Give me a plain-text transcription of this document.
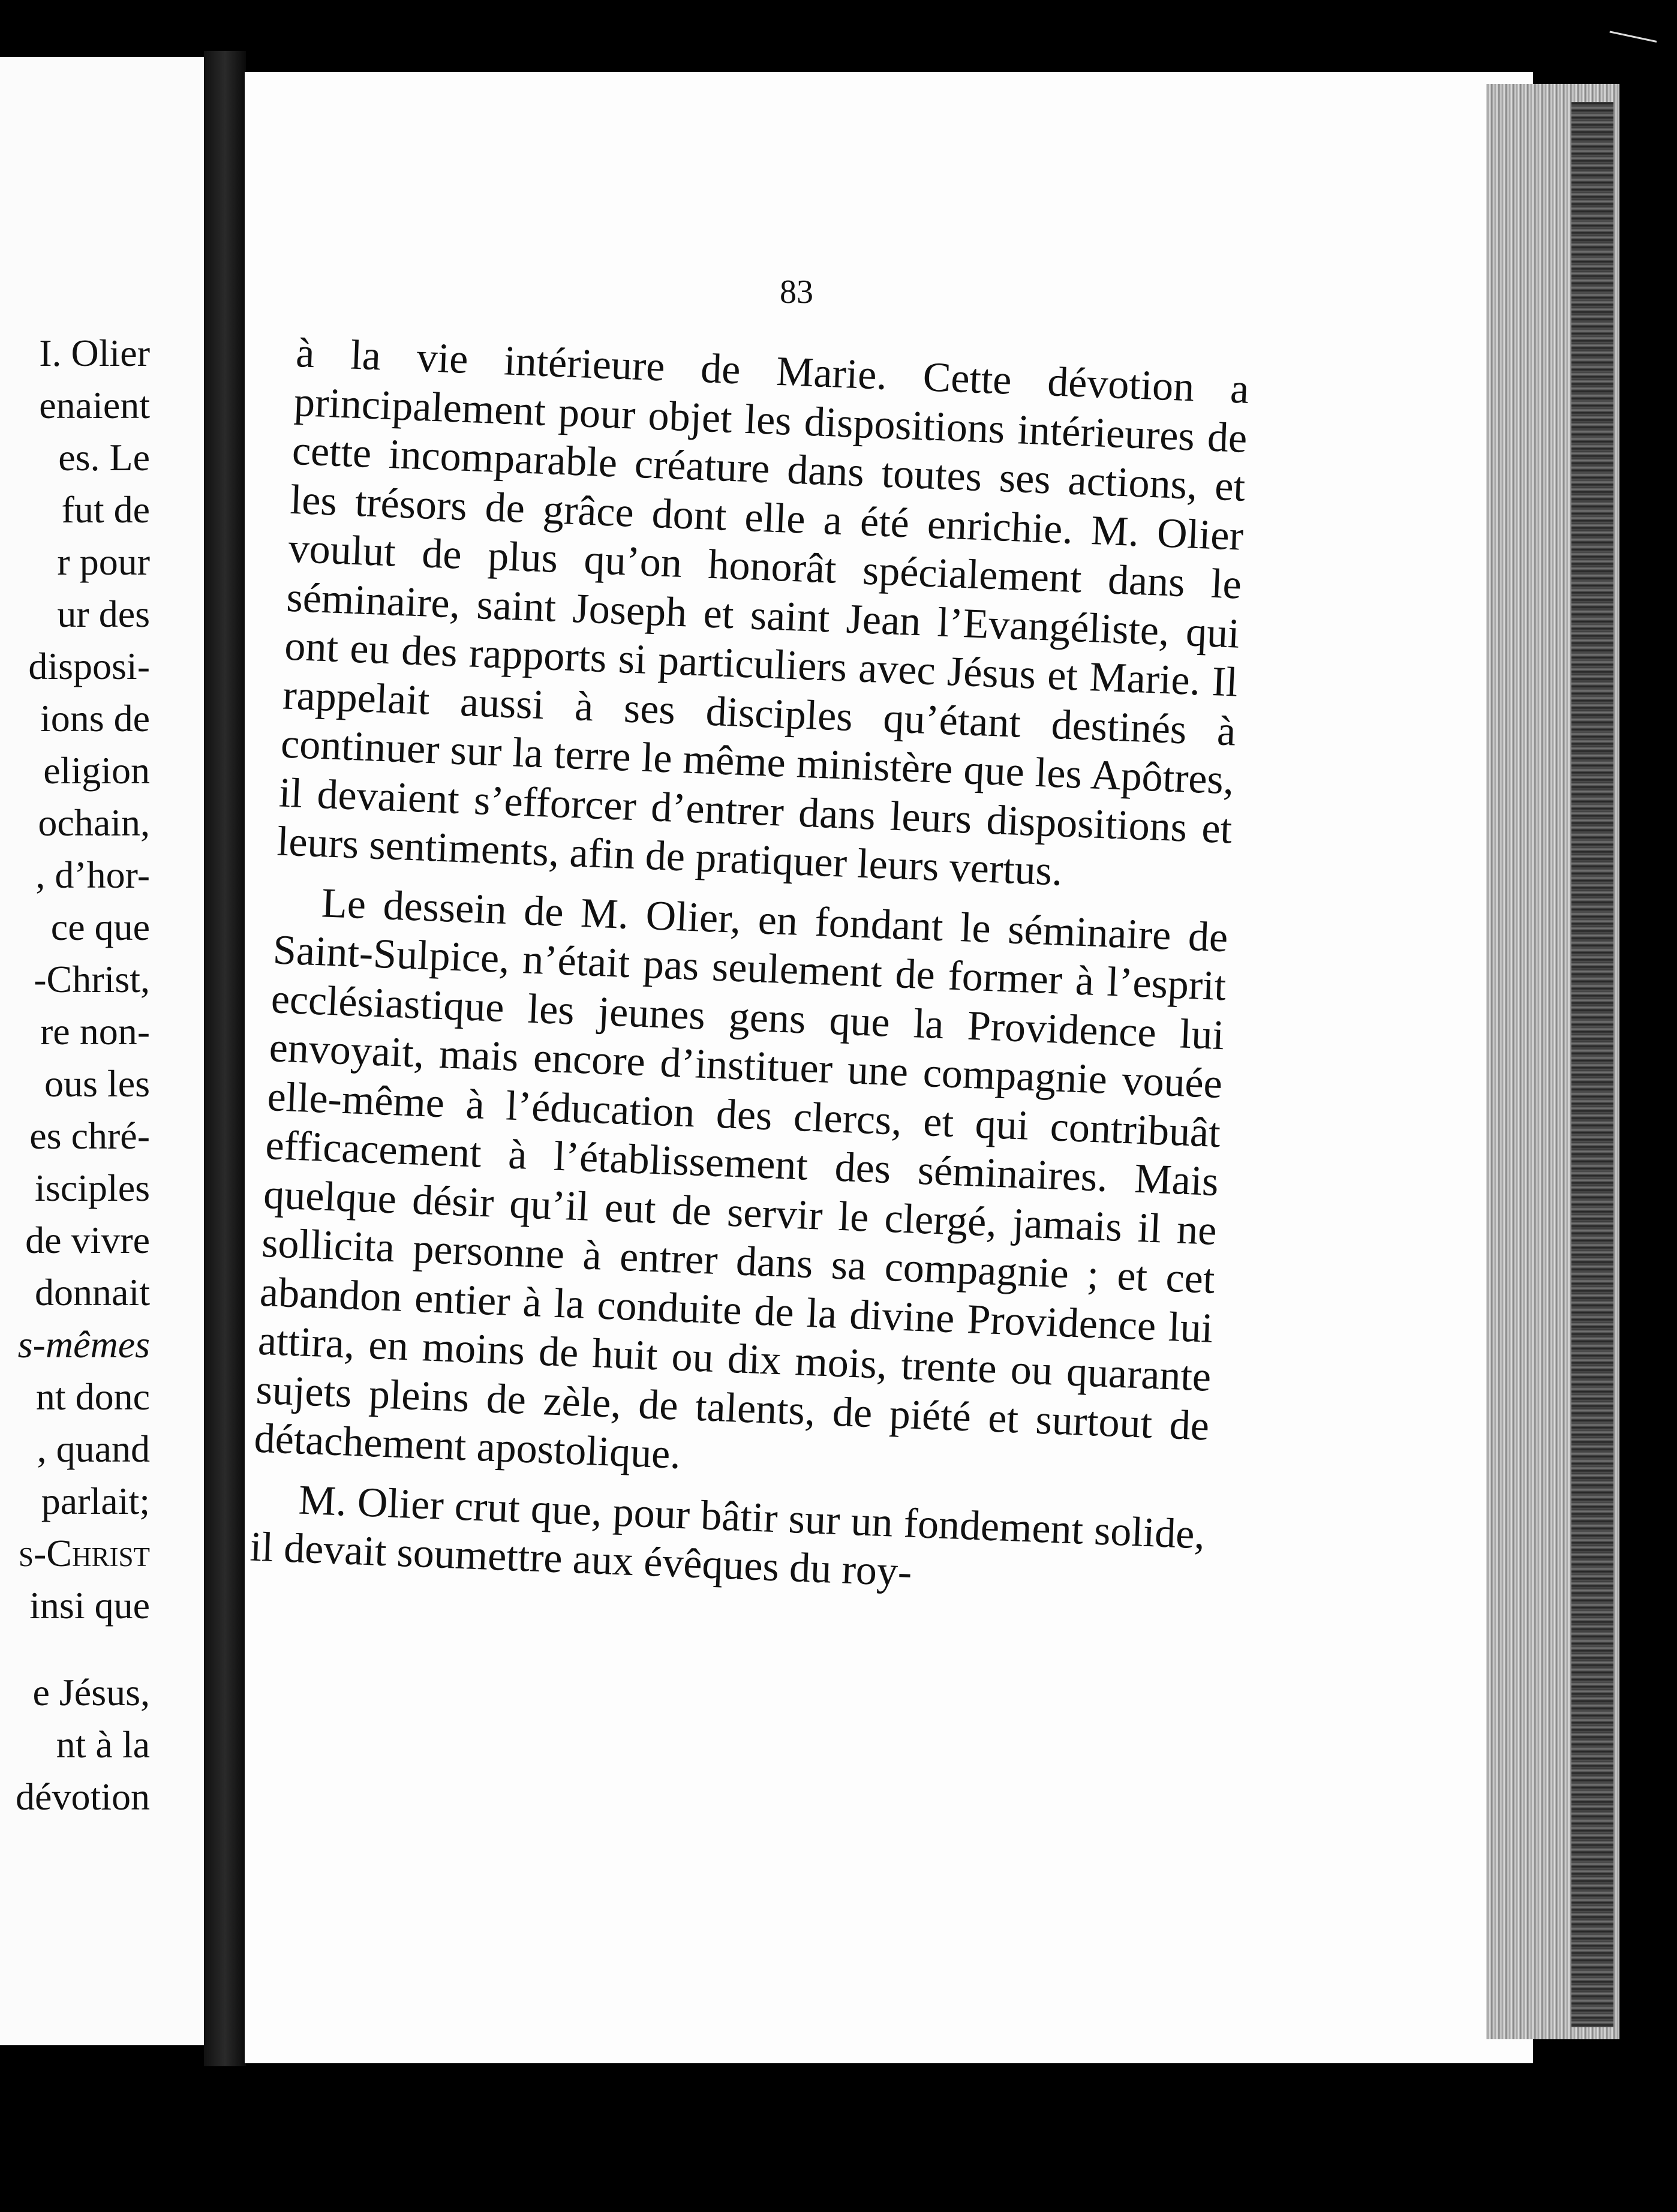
I. Olier
enaient
es. Le
fut de
r pour
ur des
disposi-
ions de
eligion
ochain,
, d’hor-
ce que
-Christ,
re non-
ous les
es chré-
isciples
de vivre
donnait
s-mêmes
nt donc
, quand
parlait;
s-Christ
insi que
e Jésus,
nt à la
dévotion
83

à la vie intérieure de Marie. Cette dévotion a principalement pour objet les dispositions intérieures de cette incomparable créature dans toutes ses actions, et les trésors de grâce dont elle a été enrichie. M. Olier voulut de plus qu’on honorât spécialement dans le séminaire, saint Joseph et saint Jean l’Evangéliste, qui ont eu des rapports si particuliers avec Jésus et Marie. Il rappelait aussi à ses disciples qu’étant destinés à continuer sur la terre le même ministère que les Apôtres, il devaient s’efforcer d’entrer dans leurs dispositions et leurs sentiments, afin de pratiquer leurs vertus.

Le dessein de M. Olier, en fondant le séminaire de Saint-Sulpice, n’était pas seulement de former à l’esprit ecclésiastique les jeunes gens que la Providence lui envoyait, mais encore d’instituer une compagnie vouée elle-même à l’éducation des clercs, et qui contribuât efficacement à l’établissement des séminaires. Mais quelque désir qu’il eut de servir le clergé, jamais il ne sollicita personne à entrer dans sa compagnie ; et cet abandon entier à la conduite de la divine Providence lui attira, en moins de huit ou dix mois, trente ou quarante sujets pleins de zèle, de talents, de piété et surtout de détachement apostolique.

M. Olier crut que, pour bâtir sur un fondement solide, il devait soumettre aux évêques du roy-
